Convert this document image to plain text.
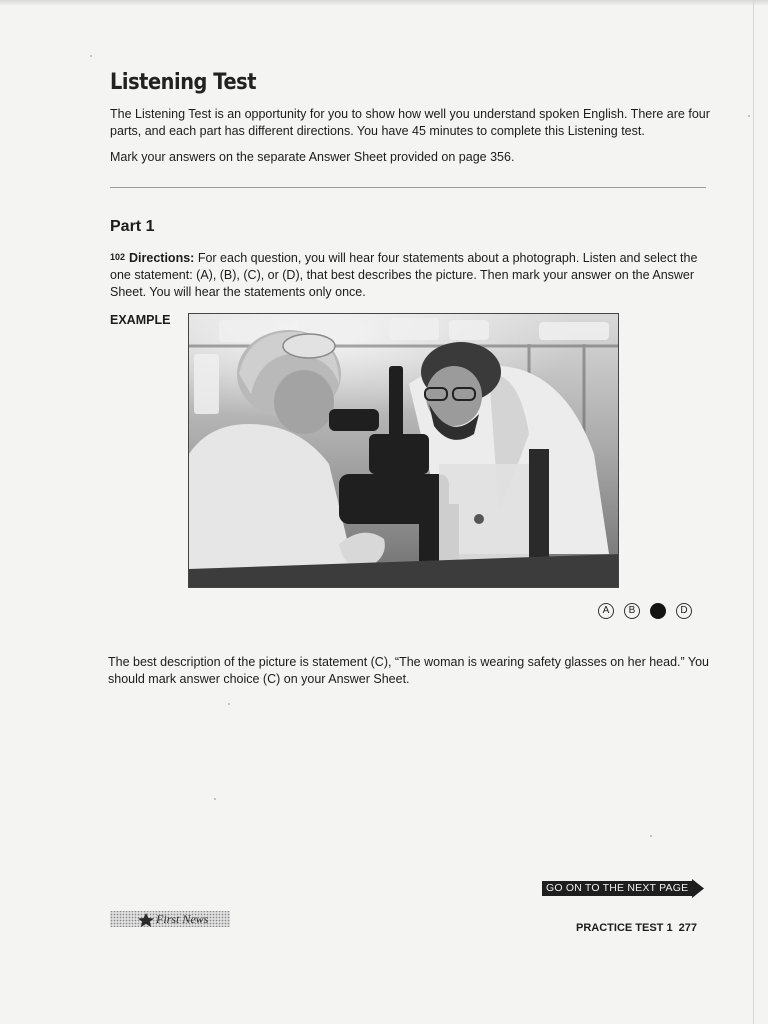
Listening Test

The Listening Test is an opportunity for you to show how well you understand spoken English. There are four parts, and each part has different directions. You have 45 minutes to complete this Listening test.

Mark your answers on the separate Answer Sheet provided on page 356.

Part 1

102 Directions: For each question, you will hear four statements about a photograph. Listen and select the one statement: (A), (B), (C), or (D), that best describes the picture. Then mark your answer on the Answer Sheet. You will hear the statements only once.

EXAMPLE
A	B	D

The best description of the picture is statement (C), “The woman is wearing safety glasses on her head.” You should mark answer choice (C) on your Answer Sheet.

GO ON TO THE NEXT PAGE
First News
PRACTICE TEST 1 277
